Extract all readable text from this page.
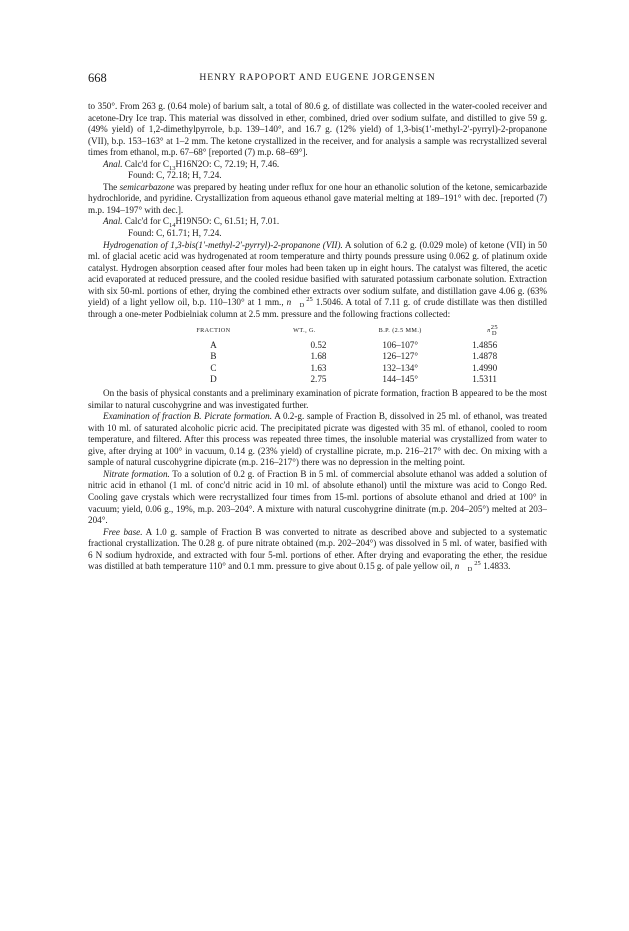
668	HENRY RAPOPORT AND EUGENE JORGENSEN

to 350°. From 263 g. (0.64 mole) of barium salt, a total of 80.6 g. of distillate was collected in the water-cooled receiver and acetone-Dry Ice trap. This material was dissolved in ether, combined, dried over sodium sulfate, and distilled to give 59 g. (49% yield) of 1,2-dimethylpyrrole, b.p. 139–140°, and 16.7 g. (12% yield) of 1,3-bis(1′-methyl-2′-pyrryl)-2-propanone (VII), b.p. 153–163° at 1–2 mm. The ketone crystallized in the receiver, and for analysis a sample was recrystallized several times from ethanol, m.p. 67–68° [reported (7) m.p. 68–69°].

Anal. Calc'd for $C_{13}H16N2O$: C, 72.19; H, 7.46.

Found: C, 72.18; H, 7.24.

The semicarbazone was prepared by heating under reflux for one hour an ethanolic solution of the ketone, semicarbazide hydrochloride, and pyridine. Crystallization from aqueous ethanol gave material melting at 189–191° with dec. [reported (7) m.p. 194–197° with dec.].

Anal. Calc'd for $C_{14}H19N5O$: C, 61.51; H, 7.01.

Found: C, 61.71; H, 7.24.

Hydrogenation of 1,3-bis(1′-methyl-2′-pyrryl)-2-propanone (VII). A solution of 6.2 g. (0.029 mole) of ketone (VII) in 50 ml. of glacial acetic acid was hydrogenated at room temperature and thirty pounds pressure using 0.062 g. of platinum oxide catalyst. Hydrogen absorption ceased after four moles had been taken up in eight hours. The catalyst was filtered, the acetic acid evaporated at reduced pressure, and the cooled residue basified with saturated potassium carbonate solution. Extraction with six 50-ml. portions of ether, drying the combined ether extracts over sodium sulfate, and distillation gave 4.06 g. (63% yield) of a light yellow oil, b.p. 110–130° at 1 mm., n 25
D 1.5046. A total of 7.11 g. of crude distillate was then distilled through a one-meter Podbielniak column at 2.5 mm. pressure and the following fractions collected:

FRACTION	WT., G.	B.P. (2.5 MM.)	n25
D
A	0.52	106–107°	1.4856
B	1.68	126–127°	1.4878
C	1.63	132–134°	1.4990
D	2.75	144–145°	1.5311

On the basis of physical constants and a preliminary examination of picrate formation, fraction B appeared to be the most similar to natural cuscohygrine and was investigated further.

Examination of fraction B. Picrate formation. A 0.2-g. sample of Fraction B, dissolved in 25 ml. of ethanol, was treated with 10 ml. of saturated alcoholic picric acid. The precipitated picrate was digested with 35 ml. of ethanol, cooled to room temperature, and filtered. After this process was repeated three times, the insoluble material was crystallized from water to give, after drying at 100° in vacuum, 0.14 g. (23% yield) of crystalline picrate, m.p. 216–217° with dec. On mixing with a sample of natural cuscohygrine dipicrate (m.p. 216–217°) there was no depression in the melting point.

Nitrate formation. To a solution of 0.2 g. of Fraction B in 5 ml. of commercial absolute ethanol was added a solution of nitric acid in ethanol (1 ml. of conc'd nitric acid in 10 ml. of absolute ethanol) until the mixture was acid to Congo Red. Cooling gave crystals which were recrystallized four times from 15-ml. portions of absolute ethanol and dried at 100° in vacuum; yield, 0.06 g., 19%, m.p. 203–204°. A mixture with natural cuscohygrine dinitrate (m.p. 204–205°) melted at 203–204°.

Free base. A 1.0 g. sample of Fraction B was converted to nitrate as described above and subjected to a systematic fractional crystallization. The 0.28 g. of pure nitrate obtained (m.p. 202–204°) was dissolved in 5 ml. of water, basified with 6 N sodium hydroxide, and extracted with four 5-ml. portions of ether. After drying and evaporating the ether, the residue was distilled at bath temperature 110° and 0.1 mm. pressure to give about 0.15 g. of pale yellow oil, n 25
D 1.4833.
